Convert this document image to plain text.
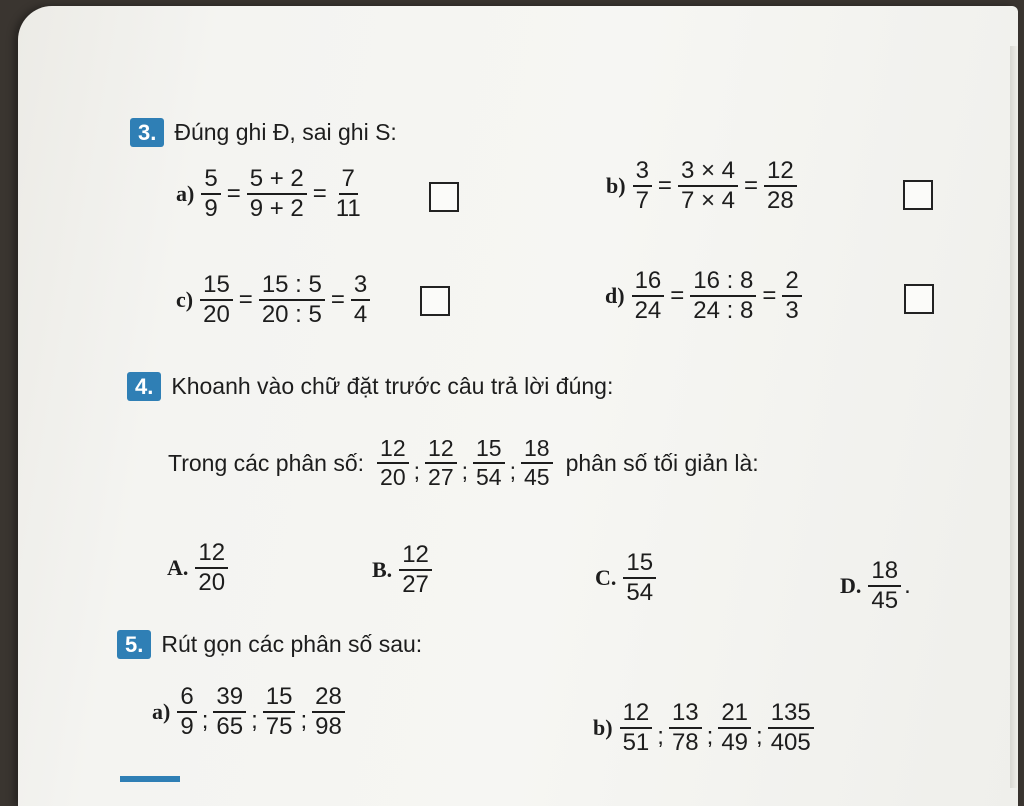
3. Đúng ghi Đ, sai ghi S:
$a) \frac{5}{9} = \frac{5 + 2}{9 + 2} = \frac{7}{11}$	$b) \frac{3}{7} = \frac{3 \times 4}{7 \times 4} = \frac{12}{28}$
$c) \frac{15}{20} = \frac{15 : 5}{20 : 5} = \frac{3}{4}$	$d) \frac{16}{24} = \frac{16 : 8}{24 : 8} = \frac{2}{3}$
4. Khoanh vào chữ đặt trước câu trả lời đúng:
Trong các phân số: $\frac{12}{20}$ ; $\frac{12}{27}$ ; $\frac{15}{54}$ ; $\frac{18}{45}$ phân số tối giản là:
A. $\frac{12}{20}$	B. $\frac{12}{27}$	C. $\frac{15}{54}$	D. $\frac{18}{45}$ .
5. Rút gọn các phân số sau:
$a) \frac{6}{9}$ ; $\frac{39}{65}$ ; $\frac{15}{75}$ ; $\frac{28}{98}$	$b) \frac{12}{51}$ ; $\frac{13}{78}$ ; $\frac{21}{49}$ ; $\frac{135}{405}$
